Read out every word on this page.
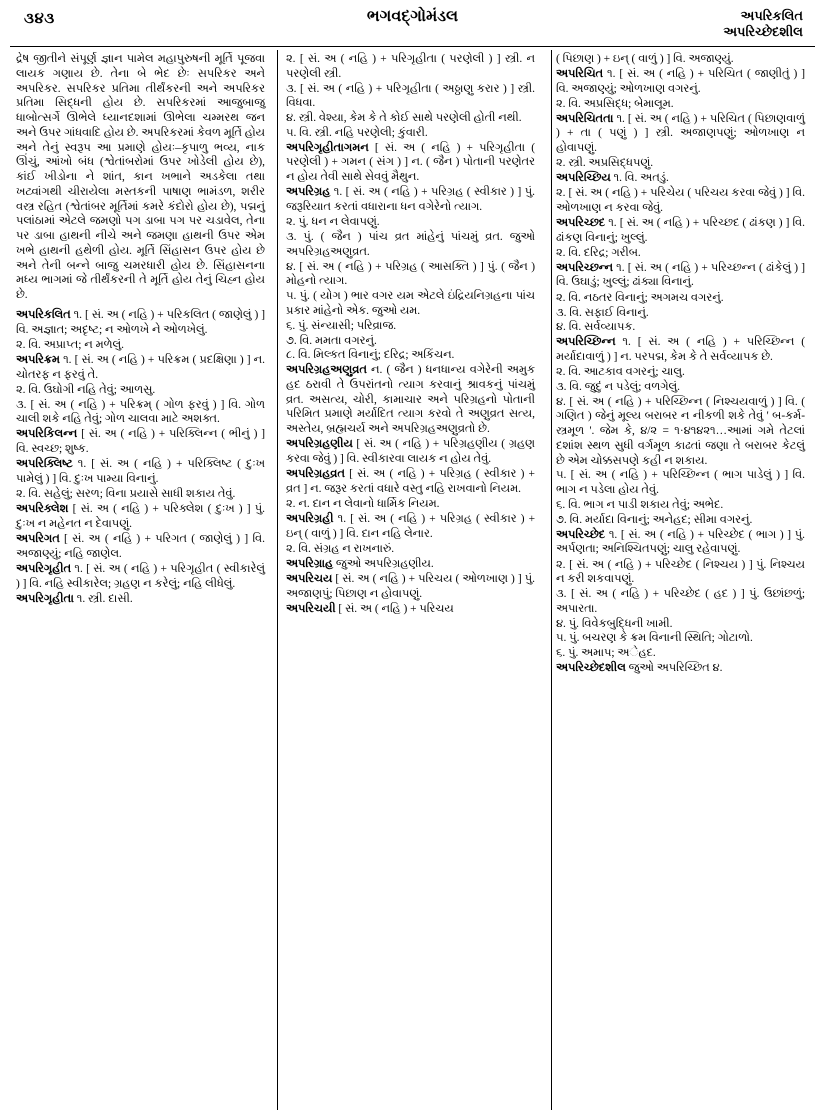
૩૪૩	ભગવદ્ગોમંડલ	અપરિકલિત
અપરિચ્છેદશીલ

દ્રેષ જીતીને સંપૂર્ણ જ્ઞાન પામેલ મહાપુરુષની મૂર્તિ પૂજવા લાયક ગણાય છે. તેના બે ભેદ છેઃ સપરિકર અને અપરિકર. સપરિકર પ્રતિમા તીર્થંકરની અને અપરિકર પ્રતિમા સિદ્ધની હોય છે. સપરિકરમાં આજુબાજુ ધાબોત્સર્ગે ઊભેલે ધ્યાનદશામાં ઊભેલા ચમ્મરથ જન અને ઉપર ગાંધવાદિ હોય છે. અપરિકરમાં કેવળ મૂર્તિ હોય અને તેનું સ્વરૂપ આ પ્રમાણે હોયઃ–કૃપાળુ ભવ્ય, નાક ઊંચું, આંખો બંધ (શ્વેતાંબરોમાં ઉપર ખોડેલી હોય છે), કાંઈ ખીડોના ને શાંત, કાન ખભાને અડકેલા તથા ખટ્વાંગથી ચીરાયેલા મસ્તકની પાષાણ ભામંડળ, શરીર વસ્ત્ર રહિત (શ્વેતાંબર મૂર્તિમાં કમરે કંદોરો હોય છે), પદ્મનું પલાંઠામાં એટલે જમણો પગ ડાબા પગ પર ચડાવેલ, તેના પર ડાબા હાથની નીચે અને જમણા હાથની ઉપર એમ ખભે હાથની હથેળી હોય. મૂર્તિ સિંહાસન ઉપર હોય છે અને તેની બન્ને બાજુ ચમરધારી હોય છે. સિંહાસનના મધ્ય ભાગમાં જે તીર્થંકરની તે મૂર્તિ હોય તેનું ચિહ્ન હોય છે.

અપરિકલિત ૧. [ સં. અ ( નહિ ) + પરિકલિત ( જાણેલું ) ] વિ. અજ્ઞાત; અદૃષ્ટ; ન ઓળખે ને ઓળખેલું.

૨. વિ. અપ્રાપ્ત; ન મળેલું.

અપરિક્રમ ૧. [ સં. અ ( નહિ ) + પરિક્રમ ( પ્રદક્ષિણા ) ] ન. ચોતરફ ન ફરવું તે.

૨. વિ. ઉઘોગી નહિ તેવું; આળસુ.

૩. [ સં. અ ( નહિ ) + પરિક્રમ્ ( ગોળ ફરવું ) ] વિ. ગોળ ચાલી શકે નહિ તેવું; ગોળ ચાલવા માટે અશક્ત.

અપરિકિલન્ન [ સં. અ ( નહિ ) + પરિક્લિન્ન ( ભીનું ) ] વિ. સ્વચ્છ; શુષ્ક.

અપરિક્લિષ્ટ ૧. [ સં. અ ( નહિ ) + પરિક્લિષ્ટ ( દુઃખ પામેલું ) ] વિ. દુઃખ પામ્યા વિનાનું.

૨. વિ. સહેલું; સરળ; વિના પ્રયાસે સાધી શકાય તેવું.

અપરિક્લેશ [ સં. અ ( નહિ ) + પરિક્લેશ ( દુઃખ ) ] પું. દુઃખ ન મહેનત ન દેવાપણું.

અપરિગત [ સં. અ ( નહિ ) + પરિગત ( જાણેલું ) ] વિ. અજાણ્યું; નહિ જાણેલ.

અપરિગૃહીત ૧. [ સં. અ ( નહિ ) + પરિગૃહીત ( સ્વીકારેલું ) ] વિ. નહિ સ્વીકારેલ; ગ્રહણ ન કરેલું; નહિ લીધેલું.

અપરિગૃહીતા ૧. સ્ત્રી. દાસી.

૨. [ સં. અ ( નહિ ) + પરિગૃહીતા ( પરણેલી ) ] સ્ત્રી. ન પરણેલી સ્ત્રી.

૩. [ સં. અ ( નહિ ) + પરિગૃહીતા ( અઠ્ઠાણુ કરાર ) ] સ્ત્રી. વિધવા.

૪. સ્ત્રી. વેશ્યા, કેમ કે તે કોઈ સાથે પરણેલી હોતી નથી.

૫. વિ. સ્ત્રી. નહિ પરણેલી; કુંવારી.

અપરિગૃહીતાગમન [ સં. અ ( નહિ ) + પરિગૃહીતા ( પરણેલી ) + ગમન ( સંગ ) ] ન. ( જૈન ) પોતાની પરણેતર ન હોય તેવી સાથે સેવવું મૈથુન.

અપરિગ્રહ ૧. [ સં. અ ( નહિ ) + પરિગ્રહ ( સ્વીકાર ) ] પું. જરૂરિયાત કરતાં વધારાના ધન વગેરેનો ત્યાગ.

૨. પું. ધન ન લેવાપણું.

૩. પું. ( જૈન ) પાંચ વ્રત માંહેનું પાંચમું વ્રત. જુઓ અપરિગ્રહઅણુવ્રત.

૪. [ સં. અ ( નહિ ) + પરિગ્રહ ( આસક્તિ ) ] પું. ( જૈન ) મોહનો ત્યાગ.

૫. પું. ( યોગ ) ભાર વગર યમ એટલે ઇંદ્રિયનિગ્રહના પાંચ પ્રકાર માંહેનો એક. જુઓ યમ.

૬. પું. સંન્યાસી; પરિવ્રાજ.

૭. વિ. મમતા વગરનું.

૮. વિ. મિલ્કત વિનાનું; દરિદ્ર; અકિંચન.

અપરિગ્રહઅણુવ્રત ન. ( જૈન ) ધનધાન્ય વગેરેની અમુક હદ ઠરાવી તે ઉપરાંતનો ત્યાગ કરવાનું શ્રાવકનું પાંચમું વ્રત. અસત્ય, ચોરી, કામાચાર અને પરિગ્રહનો પોતાની પરિમિત પ્રમાણે મર્યાદિત ત્યાગ કરવો તે અણુવ્રત સત્ય, અસ્તેય, બ્રહ્મચર્ય અને અપરિગ્રહઅણુવ્રતો છે.

અપરિગ્રહણીય [ સં. અ ( નહિ ) + પરિગ્રહણીય ( ગ્રહણ કરવા જેવું ) ] વિ. સ્વીકારવા લાયક ન હોય તેવું.

અપરિગ્રહવ્રત [ સં. અ ( નહિ ) + પરિગ્રહ ( સ્વીકાર ) + વ્રત ] ન. જરૂર કરતાં વધારે વસ્તુ નહિ રાખવાનો નિયમ.

૨. ન. દાન ન લેવાનો ધાર્મિક નિયમ.

અપરિગ્રહી ૧. [ સં. અ ( નહિ ) + પરિગ્રહ ( સ્વીકાર ) + ઇન્ ( વાળું ) ] વિ. દાન નહિ લેનાર.

૨. વિ. સંગ્રહ ન રાખનારું.

અપરિગ્રાહ જુઓ અપરિગ્રહણીય.

અપરિચય [ સં. અ ( નહિ ) + પરિચય ( ઓળખાણ ) ] પું. અજાણપું; પિછાણ ન હોવાપણું.

અપરિચયી [ સં. અ ( નહિ ) + પરિચય

( પિછાણ ) + ઇન્ ( વાળું ) ] વિ. અજાણ્યું.

અપરિચિત ૧. [ સં. અ ( નહિ ) + પરિચિત ( જાણીતું ) ] વિ. અજાણ્યું; ઓળખાણ વગરનું.

૨. વિ. અપ્રસિદ્ધ; બેમાલૂમ.

અપરિચિતતા ૧. [ સં. અ ( નહિ ) + પરિચિત ( પિછાણવાળું ) + તા ( પણું ) ] સ્ત્રી. અજાણપણું; ઓળખાણ ન હોવાપણું.

૨. સ્ત્રી. અપ્રસિદ્ધપણું.

અપરિચ્છિય ૧. વિ. અતડું.

૨. [ સં. અ ( નહિ ) + પરિચેય ( પરિચય કરવા જેવું ) ] વિ. ઓળખાણ ન કરવા જેવું.

અપરિચ્છદ ૧. [ સં. અ ( નહિ ) + પરિચ્છદ ( ઢાંકણ ) ] વિ. ઢાંકણ વિનાનું; ખુલ્લું.

૨. વિ. દરિદ્ર; ગરીબ.

અપરિચ્છન્ન ૧. [ સં. અ ( નહિ ) + પરિચ્છન્ન ( ઢાંકેલું ) ] વિ. ઉઘાડું; ખુલ્લું; ઢાંક્યા વિનાનું.

૨. વિ. નઠતર વિનાનું; અગમચ વગરનું.

૩. વિ. સફાઈ વિનાનું.

૪. વિ. સર્વવ્યાપક.

અપરિચ્છિન્ન ૧. [ સં. અ ( નહિ ) + પરિચ્છિન્ન ( મર્યાદાવાળું ) ] ન. પરપદ્મ, કેમ કે તે સર્વવ્યાપક છે.

૨. વિ. આટકાવ વગરનું; ચાલુ.

૩. વિ. જુદું ન પડેલું; વળગેલું.

૪. [ સં. અ ( નહિ ) + પરિચ્છિન્ન ( નિશ્ચયવાળું ) ] વિ. ( ગણિત ) જેનું મૂલ્ય બરાબર ન નીકળી શકે તેવું ' બ-કર્મ-સ્ત્રમૂળ '. જેમ કે, ૪/૨ = ૧·૪૧૪૨૧…આમાં ગમે તેટલાં દશાંશ સ્થળ સુધી વર્ગમૂળ કાઢતાં જણા તે બરાબર કેટલું છે એમ ચોક્કસપણે કહી ન શકાય.

૫. [ સં. અ ( નહિ ) + પરિચ્છિન્ન ( ભાગ પાડેલું ) ] વિ. ભાગ ન પડેલા હોય તેવું.

૬. વિ. ભાગ ન પાડી શકાય તેવું; અભેદ.

૭. વિ. મર્યાદા વિનાનું; અનેહદ; સીમા વગરનું.

અપરિચ્છેદ ૧. [ સં. અ ( નહિ ) + પરિચ્છેદ ( ભાગ ) ] પું. અર્પણતા; અનિશ્ચિતપણું; ચાલુ રહેવાપણું.

૨. [ સં. અ ( નહિ ) + પરિચ્છેદ ( નિશ્ચય ) ] પું. નિશ્ચય ન કરી શકવાપણું.

૩. [ સં. અ ( નહિ ) + પરિચ્છેદ ( હદ ) ] પું. ઉછાંછળું; અપારતા.

૪. પું. વિવેકબુદ્ધિની ખામી.

૫. પું. બચરણ કે ક્રમ વિનાની સ્થિતિ; ગોટાળો.

૬. પું. અમાપ; અેહદ.

અપરિચ્છેદશીલ જુઓ અપરિચ્છિત ૪.
